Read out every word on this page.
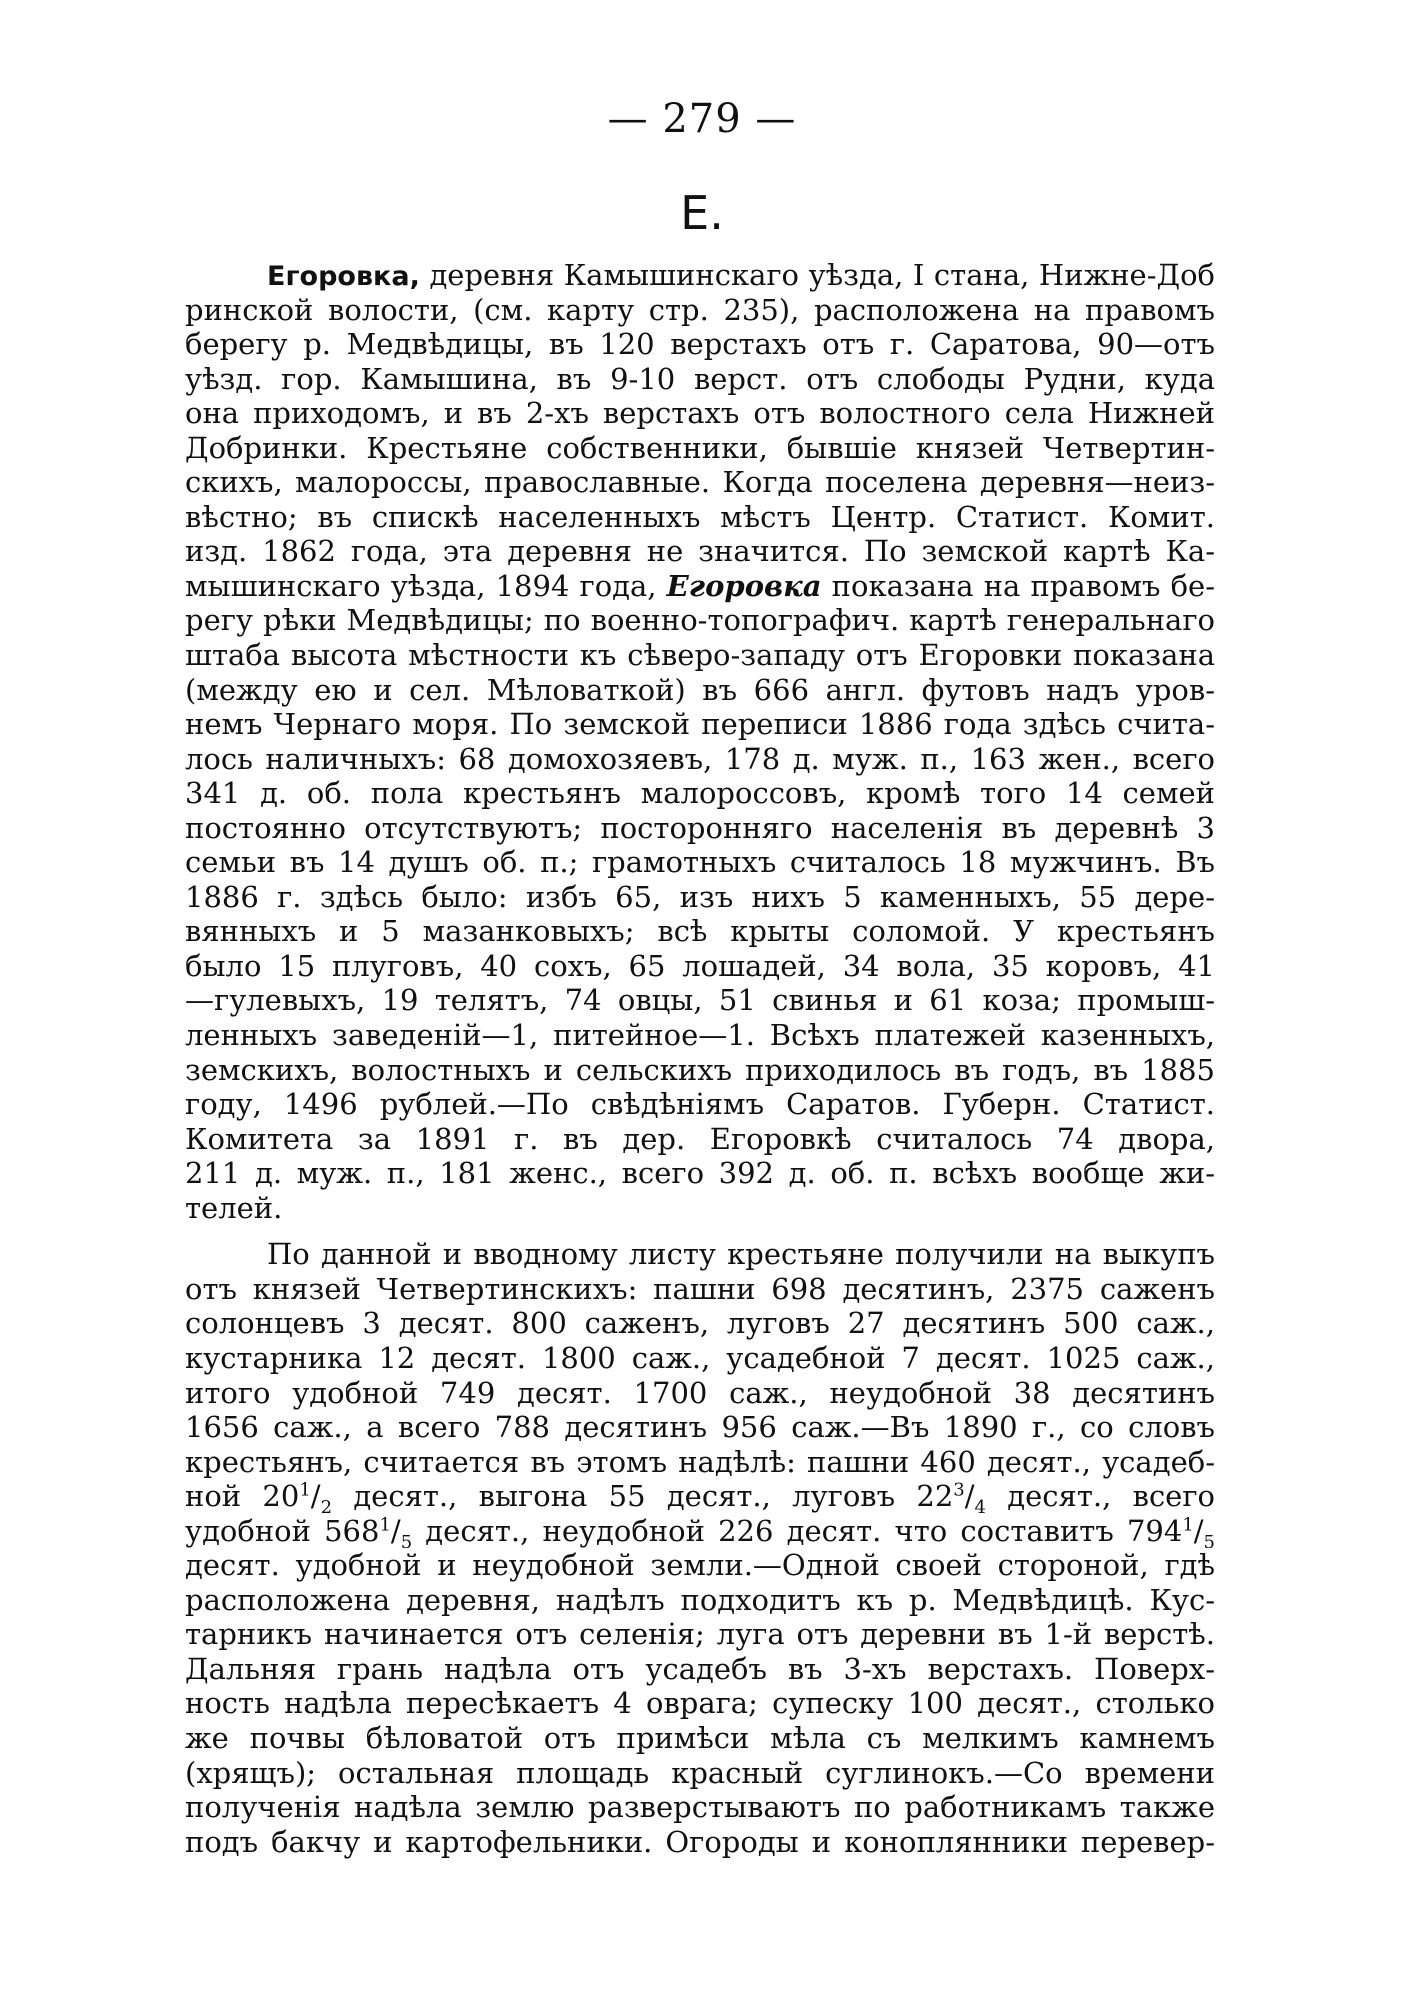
— 279 —
Е.
Егоровка, деревня Камышинскаго уѣзда, I стана, Нижне-Доб
ринской волости, (см. карту стр. 235), расположена на правомъ
берегу р. Медвѣдицы, въ 120 верстахъ отъ г. Саратова, 90—отъ
уѣзд. гор. Камышина, въ 9-10 верст. отъ слободы Рудни, куда
она приходомъ, и въ 2-хъ верстахъ отъ волостного села Нижней
Добринки. Крестьяне собственники, бывшіе князей Четвертин-
скихъ, малороссы, православные. Когда поселена деревня—неиз-
вѣстно; въ спискѣ населенныхъ мѣстъ Центр. Статист. Комит.
изд. 1862 года, эта деревня не значится. По земской картѣ Ка-
мышинскаго уѣзда, 1894 года, Егоровка показана на правомъ бе-
регу рѣки Медвѣдицы; по военно-топографич. картѣ генеральнаго
штаба высота мѣстности къ сѣверо-западу отъ Егоровки показана
(между ею и сел. Мѣловаткой) въ 666 англ. футовъ надъ уров-
немъ Чернаго моря. По земской переписи 1886 года здѣсь счита-
лось наличныхъ: 68 домохозяевъ, 178 д. муж. п., 163 жен., всего
341 д. об. пола крестьянъ малороссовъ, кромѣ того 14 семей
постоянно отсутствуютъ; посторонняго населенія въ деревнѣ 3
семьи въ 14 душъ об. п.; грамотныхъ считалось 18 мужчинъ. Въ
1886 г. здѣсь было: избъ 65, изъ нихъ 5 каменныхъ, 55 дере-
вянныхъ и 5 мазанковыхъ; всѣ крыты соломой. У крестьянъ
было 15 плуговъ, 40 сохъ, 65 лошадей, 34 вола, 35 коровъ, 41
—гулевыхъ, 19 телятъ, 74 овцы, 51 свинья и 61 коза; промыш-
ленныхъ заведеній—1, питейное—1. Всѣхъ платежей казенныхъ,
земскихъ, волостныхъ и сельскихъ приходилось въ годъ, въ 1885
году, 1496 рублей.—По свѣдѣніямъ Саратов. Губерн. Статист.
Комитета за 1891 г. въ дер. Егоровкѣ считалось 74 двора,
211 д. муж. п., 181 женс., всего 392 д. об. п. всѣхъ вообще жи-
телей.
По данной и вводному листу крестьяне получили на выкупъ
отъ князей Четвертинскихъ: пашни 698 десятинъ, 2375 саженъ
солонцевъ 3 десят. 800 саженъ, луговъ 27 десятинъ 500 саж.,
кустарника 12 десят. 1800 саж., усадебной 7 десят. 1025 саж.,
итого удобной 749 десят. 1700 саж., неудобной 38 десятинъ
1656 саж., а всего 788 десятинъ 956 саж.—Въ 1890 г., со словъ
крестьянъ, считается въ этомъ надѣлѣ: пашни 460 десят., усадеб-
ной $20^1/_2$ десят., выгона 55 десят., луговъ $22^3/_4$ десят., всего
удобной $568^1/_5$ десят., неудобной 226 десят. что составитъ $794^1/_5$
десят. удобной и неудобной земли.—Одной своей стороной, гдѣ
расположена деревня, надѣлъ подходитъ къ р. Медвѣдицѣ. Кус-
тарникъ начинается отъ селенія; луга отъ деревни въ 1-й верстѣ.
Дальняя грань надѣла отъ усадебъ въ 3-хъ верстахъ. Поверх-
ность надѣла пересѣкаетъ 4 оврага; супеску 100 десят., столько
же почвы бѣловатой отъ примѣси мѣла съ мелкимъ камнемъ
(хрящъ); остальная площадь красный суглинокъ.—Со времени
полученія надѣла землю разверстываютъ по работникамъ также
подъ бакчу и картофельники. Огороды и коноплянники перевер-
